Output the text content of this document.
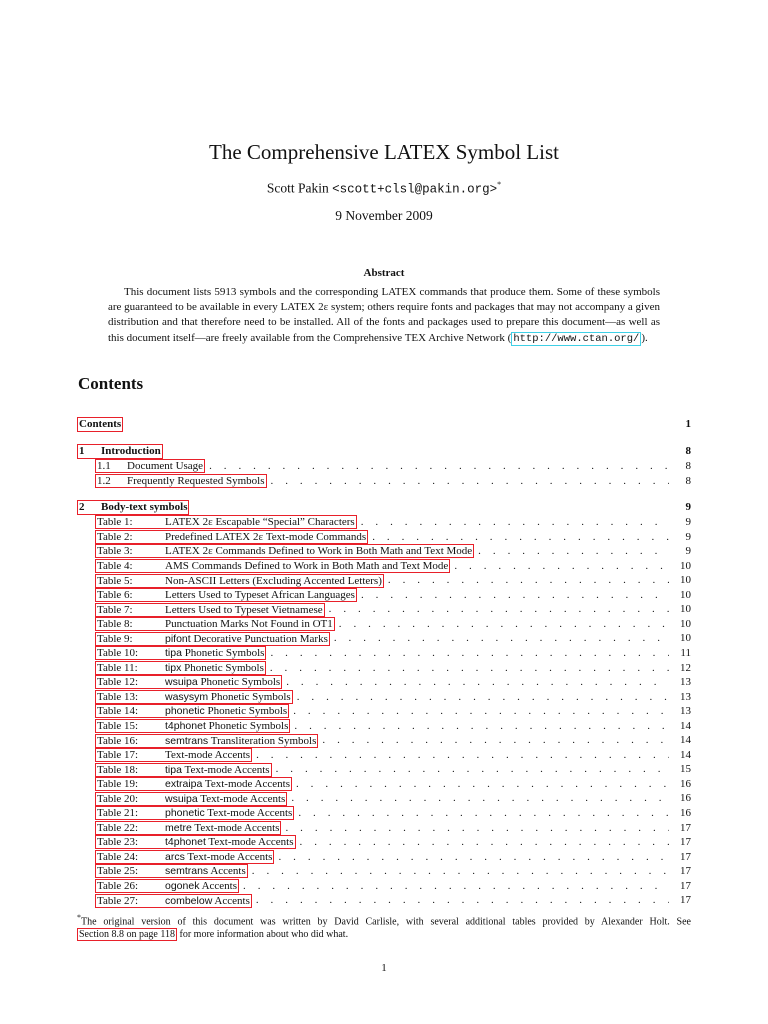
The Comprehensive LATEX Symbol List
Scott Pakin <scott+clsl@pakin.org>*
9 November 2009
Abstract
This document lists 5913 symbols and the corresponding LATEX commands that produce them. Some of these symbols are guaranteed to be available in every LATEX 2ε system; others require fonts and packages that may not accompany a given distribution and that therefore need to be installed. All of the fonts and packages used to prepare this document—as well as this document itself—are freely available from the Comprehensive TEX Archive Network ( http://www.ctan.org/ ).
Contents
Contents	1
1 Introduction	8
1.1 Document Usage . . .	8
1.2 Frequently Requested Symbols . . .	8
2 Body-text symbols	9
Table 1:	LATEX 2ε Escapable “Special” Characters . . .	9
Table 2:	Predefined LATEX 2ε Text-mode Commands . . .	9
Table 3:	LATEX 2ε Commands Defined to Work in Both Math and Text Mode . . .	9
Table 4:	AMS Commands Defined to Work in Both Math and Text Mode . . .	10
Table 5:	Non-ASCII Letters (Excluding Accented Letters) . . .	10
Table 6:	Letters Used to Typeset African Languages . . .	10
Table 7:	Letters Used to Typeset Vietnamese . . .	10
Table 8:	Punctuation Marks Not Found in OT1 . . .	10
Table 9:	pifont Decorative Punctuation Marks . . .	10
Table 10:	tipa Phonetic Symbols . . .	11
Table 11:	tipx Phonetic Symbols . . .	12
Table 12:	wsuipa Phonetic Symbols . . .	13
Table 13:	wasysym Phonetic Symbols . . .	13
Table 14:	phonetic Phonetic Symbols . . .	13
Table 15:	t4phonet Phonetic Symbols . . .	14
Table 16:	semtrans Transliteration Symbols . . .	14
Table 17: Text-mode Accents . . .	14
Table 18:	tipa Text-mode Accents . . .	15
Table 19:	extraipa Text-mode Accents . . .	16
Table 20:	wsuipa Text-mode Accents . . .	16
Table 21:	phonetic Text-mode Accents . . .	16
Table 22:	metre Text-mode Accents . . .	17
Table 23:	t4phonet Text-mode Accents . . .	17
Table 24:	arcs Text-mode Accents . . .	17
Table 25:	semtrans Accents . . .	17
Table 26:	ogonek Accents . . .	17
Table 27:	combelow Accents . . .	17
*The original version of this document was written by David Carlisle, with several additional tables provided by Alexander Holt. See Section 8.8 on page 118 for more information about who did what.
1
